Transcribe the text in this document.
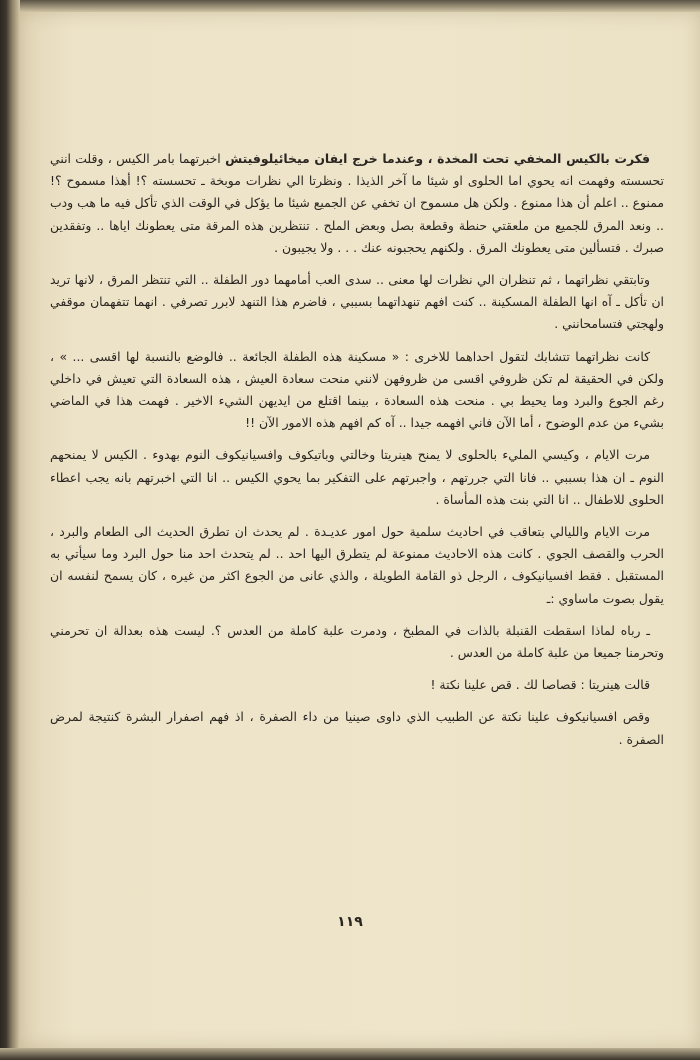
فكرت بالكيس المخفي تحت المخدة ، وعندما خرج ايفان ميخائيلوفيتش اخبرتهما بامر الكيس ، وقلت انني تحسسته وفهمت انه يحوي اما الحلوى او شيئا ما آخر الذيذا . ونظرتا الي نظرات موبخة ـ تحسسته ؟! أهذا مسموح ؟! ممنوع .. اعلم أن هذا ممنوع . ولكن هل مسموح ان تخفي عن الجميع شيئا ما يؤكل في الوقت الذي تأكل فيه ما هب ودب .. ونعد المرق للجميع من ملعقتي حنطة وقطعة بصل وبعض الملح . تنتظرين هذه المرقة متى يعطونك اياها .. وتفقدين صبرك . فتسألين متى يعطونك المرق . ولكنهم يحجبونه عنك . . . ولا يجيبون .

وتابتقي نظراتهما ، ثم تنظران الي نظرات لها معنى .. سدى العب أمامهما دور الطفلة .. التي تنتظر المرق ، لانها تريد ان تأكل ـ آه انها الطفلة المسكينة .. كنت افهم تنهداتهما بسببي ، فاضرم هذا التنهد لابرر تصرفي . انهما تتفهمان موقفي ولهجتي فتسامحانني .

كانت نظراتهما تتشابك لتقول احداهما للاخرى : « مسكينة هذه الطفلة الجائعة .. فالوضع بالنسبة لها اقسى ... » ، ولكن في الحقيقة لم تكن ظروفي اقسى من ظروفهن لانني منحت سعادة العيش ، هذه السعادة التي تعيش في داخلي رغم الجوع والبرد وما يحيط بي . منحت هذه السعادة ، بينما اقتلع من ايديهن الشيء الاخير . فهمت هذا في الماضي بشيء من عدم الوضوح ، أما الآن فاني افهمه جيدا .. آه كم افهم هذه الامور الآن !!

مرت الايام ، وكيسي المليء بالحلوى لا يمنح هينريتا وخالتي وباتيكوف وافسيانيكوف النوم بهدوء . الكيس لا يمنحهم النوم ـ ان هذا بسببي .. فانا التي جررتهم ، واجبرتهم على التفكير بما يحوي الكيس .. انا التي اخبرتهم بانه يجب اعطاء الحلوى للاطفال .. انا التي بنت هذه المأساة .

مرت الايام والليالي بتعاقب في احاديث سلمية حول امور عديـدة . لم يحدث ان تطرق الحديث الى الطعام والبرد ، الحرب والقصف الجوي . كانت هذه الاحاديث ممنوعة لم يتطرق اليها احد .. لم يتحدث احد منا حول البرد وما سيأتي به المستقبل . فقط افسيانيكوف ، الرجل ذو القامة الطويلة ، والذي عانى من الجوع اكثر من غيره ، كان يسمح لنفسه ان يقول بصوت ماساوي :ـ

ـ رباه لماذا اسقطت القنبلة بالذات في المطبخ ، ودمرت علبة كاملة من العدس ؟. ليست هذه بعدالة ان تحرمني وتحرمنا جميعا من علبة كاملة من العدس .

قالت هينريتا : قصاصا لك . قص علينا نكتة !

وقص افسيانيكوف علينا نكتة عن الطبيب الذي داوى صينيا من داء الصفرة ، اذ فهم اصفرار البشرة كنتيجة لمرض الصفرة .

١١٩
